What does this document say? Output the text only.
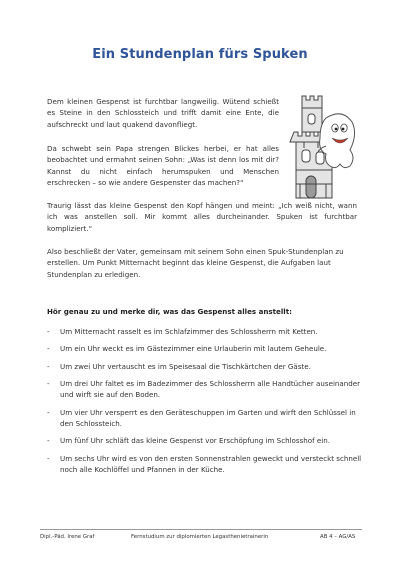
Ein Stundenplan fürs Spuken

Dem kleinen Gespenst ist furchtbar langweilig. Wütend schießt es Steine in den Schlossteich und trifft damit eine Ente, die aufschreckt und laut quakend davonfliegt.

Da schwebt sein Papa strengen Blickes herbei, er hat alles beobachtet und ermahnt seinen Sohn: „Was ist denn los mit dir? Kannst du nicht einfach herumspuken und Menschen erschrecken – so wie andere Gespenster das machen?“

Traurig lässt das kleine Gespenst den Kopf hängen und meint: „Ich weiß nicht, wann ich was anstellen soll. Mir kommt alles durcheinander. Spuken ist furchtbar kompliziert.“

Also beschließt der Vater, gemeinsam mit seinem Sohn einen Spuk-Stundenplan zu erstellen. Um Punkt Mitternacht beginnt das kleine Gespenst, die Aufgaben laut Stundenplan zu erledigen.

Hör genau zu und merke dir, was das Gespenst alles anstellt:
- Um Mitternacht rasselt es im Schlafzimmer des Schlossherrn mit Ketten.
- Um ein Uhr weckt es im Gästezimmer eine Urlauberin mit lautem Geheule.
- Um zwei Uhr vertauscht es im Speisesaal die Tischkärtchen der Gäste.
- Um drei Uhr faltet es im Badezimmer des Schlossherrn alle Handtücher auseinander und wirft sie auf den Boden.
- Um vier Uhr versperrt es den Geräteschuppen im Garten und wirft den Schlüssel in den Schlossteich.
- Um fünf Uhr schläft das kleine Gespenst vor Erschöpfung im Schlosshof ein.
- Um sechs Uhr wird es von den ersten Sonnenstrahlen geweckt und versteckt schnell noch alle Kochlöffel und Pfannen in der Küche.
Dipl.-Päd. Irene Graf	Fernstudium zur diplomierten Legasthenietrainerin	AB 4 – AG/AS
